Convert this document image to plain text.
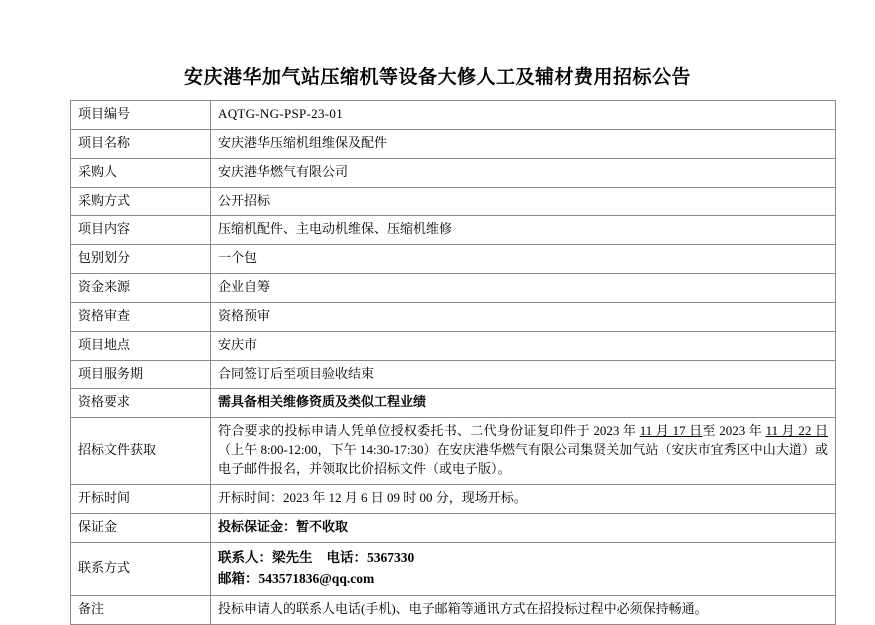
安庆港华加气站压缩机等设备大修人工及辅材费用招标公告
项目编号	AQTG-NG-PSP-23-01
项目名称	安庆港华压缩机组维保及配件
采购人	安庆港华燃气有限公司
采购方式	公开招标
项目内容	压缩机配件、主电动机维保、压缩机维修
包别划分	一个包
资金来源	企业自筹
资格审查	资格预审
项目地点	安庆市
项目服务期	合同签订后至项目验收结束
资格要求	需具备相关维修资质及类似工程业绩
招标文件获取	符合要求的投标申请人凭单位授权委托书、二代身份证复印件于 2023 年 11 月 17 日至 2023 年 11 月 22 日（上午 8:00-12:00，下午 14:30-17:30）在安庆港华燃气有限公司集贤关加气站（安庆市宜秀区中山大道）或电子邮件报名，并领取比价招标文件（或电子版）。
开标时间	开标时间：2023 年 12 月 6 日 09 时 00 分，现场开标。
保证金	投标保证金：暂不收取
联系方式	联系人：梁先生 电话：5367330
邮箱：543571836@qq.com

备注	投标申请人的联系人电话(手机)、电子邮箱等通讯方式在招投标过程中必须保持畅通。
